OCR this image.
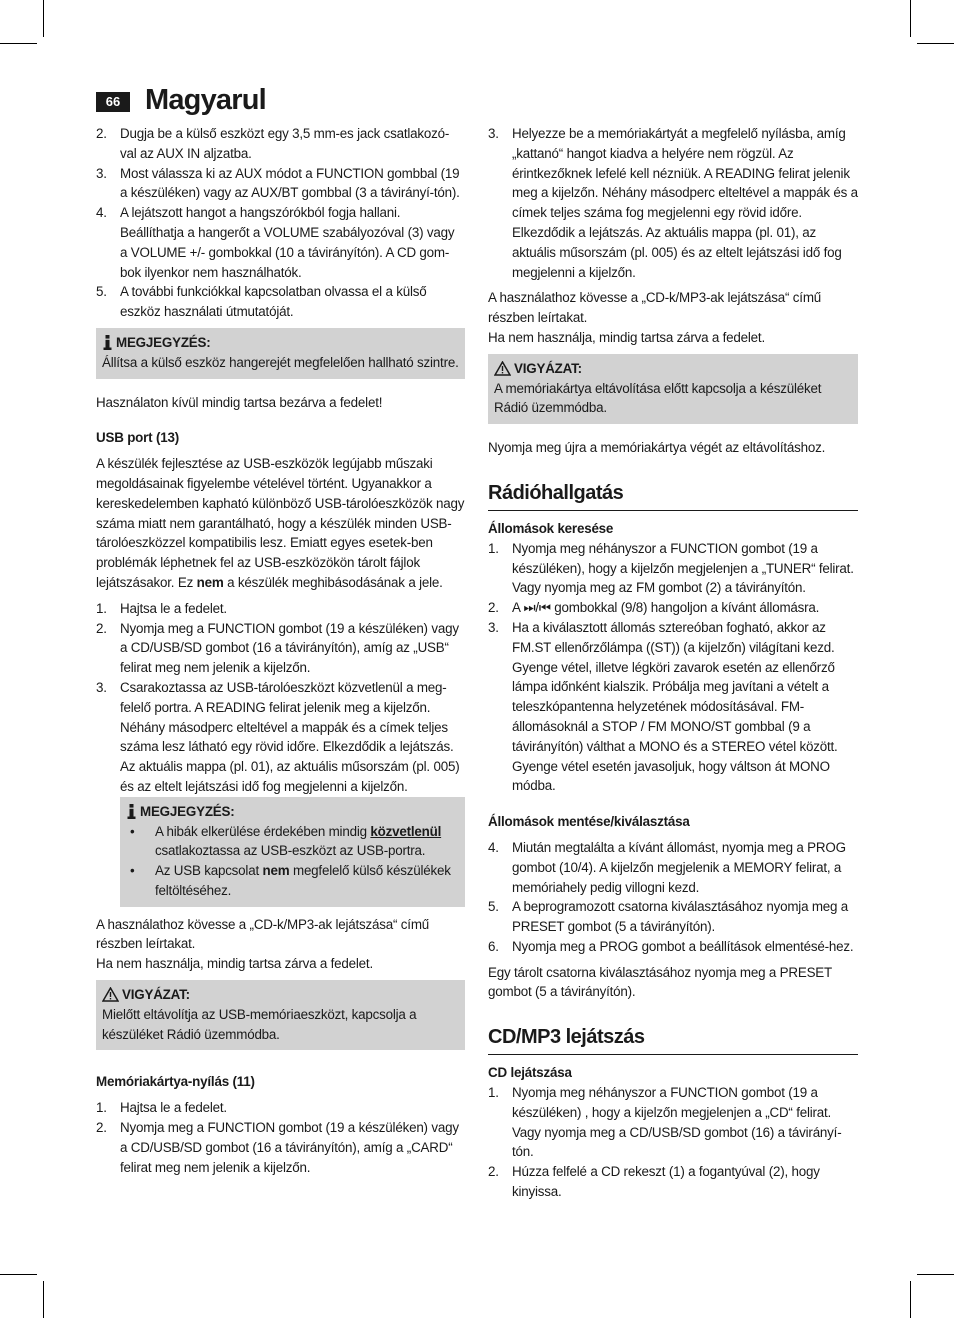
66 Magyarul
2. Dugja be a külső eszközt egy 3,5 mm-es jack csatlakozó-val az AUX IN aljzatba.
3. Most válassza ki az AUX módot a FUNCTION gombbal (19 a készüléken) vagy az AUX/BT gombbal (3 a távirányí-tón).
4. A lejátszott hangot a hangszórókból fogja hallani. Beállíthatja a hangerőt a VOLUME szabályozóval (3) vagy a VOLUME +/- gombokkal (10 a távirányítón). A CD gom-bok ilyenkor nem használhatók.
5. A további funkciókkal kapcsolatban olvassa el a külső eszköz használati útmutatóját.
MEGJEGYZÉS:

Állítsa a külső eszköz hangerejét megfelelően hallható szintre.

Használaton kívül mindig tartsa bezárva a fedelet!

USB port (13)

A készülék fejlesztése az USB-eszközök legújabb műszaki megoldásainak figyelembe vételével történt. Ugyanakkor a kereskedelemben kapható különböző USB-tárolóeszközök nagy száma miatt nem garantálható, hogy a készülék minden USB-tárolóeszközzel kompatibilis lesz. Emiatt egyes esetek-ben problémák léphetnek fel az USB-eszközökön tárolt fájlok lejátszásakor. Ez nem a készülék meghibásodásának a jele.

1. Hajtsa le a fedelet.
2. Nyomja meg a FUNCTION gombot (19 a készüléken) vagy a CD/USB/SD gombot (16 a távirányítón), amíg az „USB“ felirat meg nem jelenik a kijelzőn.
3. Csarakoztassa az USB-tárolóeszközt közvetlenül a meg-felelő portra. A READING felirat jelenik meg a kijelzőn. Néhány másodperc elteltével a mappák és a címek teljes száma lesz látható egy rövid időre. Elkezdődik a lejátszás. Az aktuális mappa (pl. 01), az aktuális műsorszám (pl. 005) és az eltelt lejátszási idő fog megjelenni a kijelzőn.
MEGJEGYZÉS:
• A hibák elkerülése érdekében mindig közvetlenül csatlakoztassa az USB-eszközt az USB-portra.
• Az USB kapcsolat nem megfelelő külső készülékek feltöltéséhez.

A használathoz kövesse a „CD-k/MP3-ak lejátszása“ című részben leírtakat.

Ha nem használja, mindig tartsa zárva a fedelet.

VIGYÁZAT:

Mielőtt eltávolítja az USB-memóriaeszközt, kapcsolja a készüléket Rádió üzemmódba.

Memóriakártya-nyílás (11)
1. Hajtsa le a fedelet.
2. Nyomja meg a FUNCTION gombot (19 a készüléken) vagy a CD/USB/SD gombot (16 a távirányítón), amíg a „CARD“ felirat meg nem jelenik a kijelzőn.
3. Helyezze be a memóriakártyát a megfelelő nyílásba, amíg „kattanó“ hangot kiadva a helyére nem rögzül. Az érintkezőknek lefelé kell nézniük. A READING felirat jelenik meg a kijelzőn. Néhány másodperc elteltével a mappák és a címek teljes száma fog megjelenni egy rövid időre. Elkezdődik a lejátszás. Az aktuális mappa (pl. 01), az aktuális műsorszám (pl. 005) és az eltelt lejátszási idő fog megjelenni a kijelzőn.

A használathoz kövesse a „CD-k/MP3-ak lejátszása“ című részben leírtakat.

Ha nem használja, mindig tartsa zárva a fedelet.

VIGYÁZAT:

A memóriakártya eltávolítása előtt kapcsolja a készüléket Rádió üzemmódba.

Nyomja meg újra a memóriakártya végét az eltávolításhoz.

Rádióhallgatás
Állomások keresése
1. Nyomja meg néhányszor a FUNCTION gombot (19 a készüléken), hogy a kijelzőn megjelenjen a „TUNER“ felirat. Vagy nyomja meg az FM gombot (2) a távirányítón.
2. A ⏭/⏮ gombokkal (9/8) hangoljon a kívánt állomásra.
3. Ha a kiválasztott állomás sztereóban fogható, akkor az FM.ST ellenőrzőlámpa ((ST)) (a kijelzőn) világítani kezd. Gyenge vétel, illetve légköri zavarok esetén az ellenőrző lámpa időnként kialszik. Próbálja meg javítani a vételt a teleszkópantenna helyzetének módosításával. FM-állomásoknál a STOP / FM MONO/ST gombbal (9 a távirányítón) válthat a MONO és a STEREO vétel között. Gyenge vétel esetén javasoljuk, hogy váltson át MONO módba.
Állomások mentése/kiválasztása
4. Miután megtalálta a kívánt állomást, nyomja meg a PROG gombot (10/4). A kijelzőn megjelenik a MEMORY felirat, a memóriahely pedig villogni kezd.
5. A beprogramozott csatorna kiválasztásához nyomja meg a PRESET gombot (5 a távirányítón).
6. Nyomja meg a PROG gombot a beállítások elmentésé-hez.

Egy tárolt csatorna kiválasztásához nyomja meg a PRESET gombot (5 a távirányítón).

CD/MP3 lejátszás
CD lejátszása
1. Nyomja meg néhányszor a FUNCTION gombot (19 a készüléken) , hogy a kijelzőn megjelenjen a „CD“ felirat. Vagy nyomja meg a CD/USB/SD gombot (16) a távirányí-tón.
2. Húzza felfelé a CD rekeszt (1) a fogantyúval (2), hogy kinyissa.
